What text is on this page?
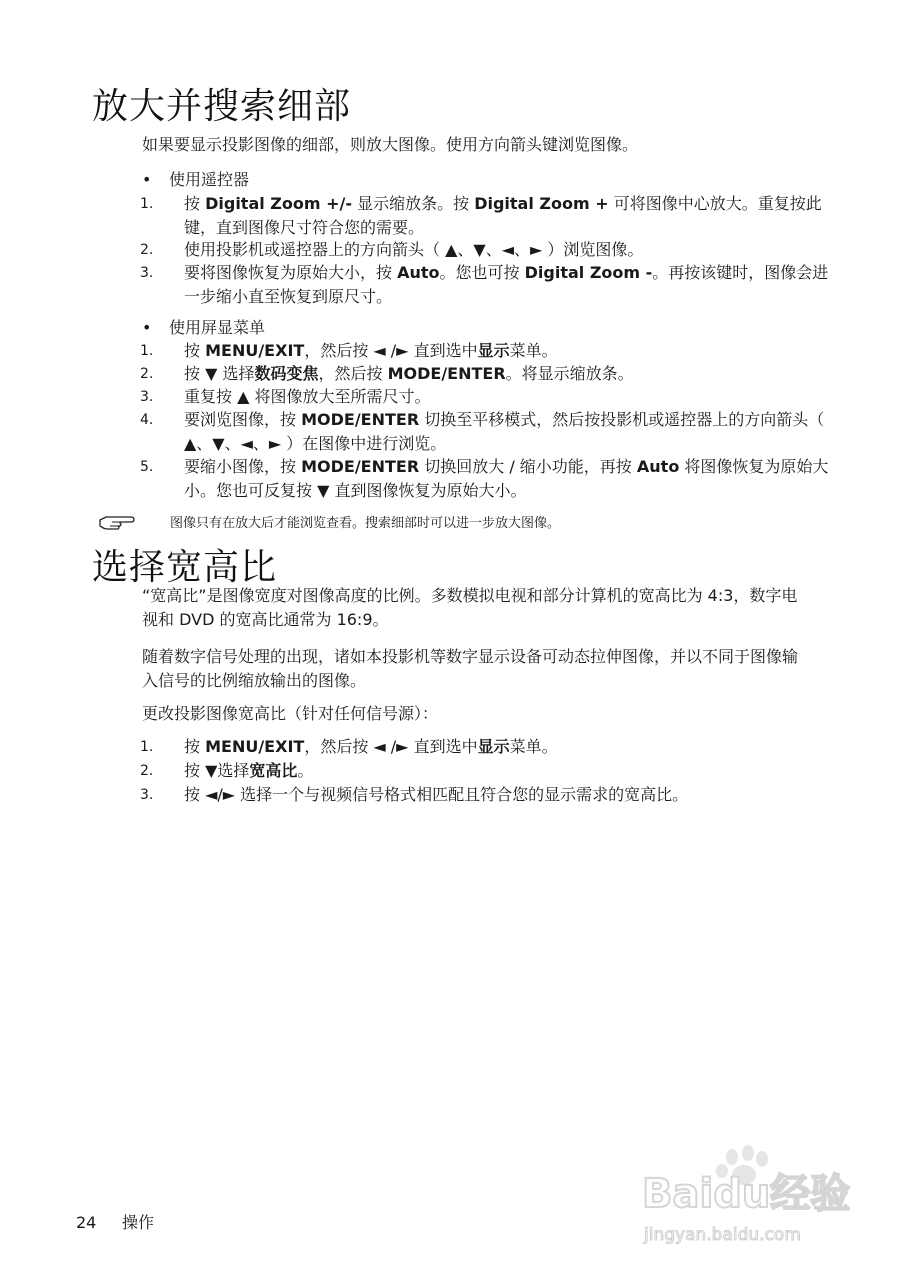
放大并搜索细部

如果要显示投影图像的细部，则放大图像。使用方向箭头键浏览图像。

• 使用遥控器
1.	按 Digital Zoom +/- 显示缩放条。按 Digital Zoom + 可将图像中心放大。重复按此键，直到图像尺寸符合您的需要。
2.	使用投影机或遥控器上的方向箭头（ ▲、▼、◄、► ）浏览图像。
3.	要将图像恢复为原始大小，按 Auto。您也可按 Digital Zoom -。再按该键时，图像会进一步缩小直至恢复到原尺寸。
• 使用屏显菜单
1.	按 MENU/EXIT，然后按 ◄ /► 直到选中显示菜单。
2.	按 ▼ 选择数码变焦，然后按 MODE/ENTER。将显示缩放条。
3.	重复按 ▲ 将图像放大至所需尺寸。
4.	要浏览图像，按 MODE/ENTER 切换至平移模式，然后按投影机或遥控器上的方向箭头（ ▲、▼、◄、► ）在图像中进行浏览。
5.	要缩小图像，按 MODE/ENTER 切换回放大 / 缩小功能，再按 Auto 将图像恢复为原始大小。您也可反复按 ▼ 直到图像恢复为原始大小。
图像只有在放大后才能浏览查看。搜索细部时可以进一步放大图像。
选择宽高比

“宽高比”是图像宽度对图像高度的比例。多数模拟电视和部分计算机的宽高比为 4:3，数字电视和 DVD 的宽高比通常为 16:9。

随着数字信号处理的出现，诸如本投影机等数字显示设备可动态拉伸图像，并以不同于图像输入信号的比例缩放输出的图像。

更改投影图像宽高比（针对任何信号源）：

1.	按 MENU/EXIT，然后按 ◄ /► 直到选中显示菜单。
2.	按 ▼选择宽高比。
3.	按 ◄/► 选择一个与视频信号格式相匹配且符合您的显示需求的宽高比。
24 操作
Baidu经验
jingyan.baidu.com
